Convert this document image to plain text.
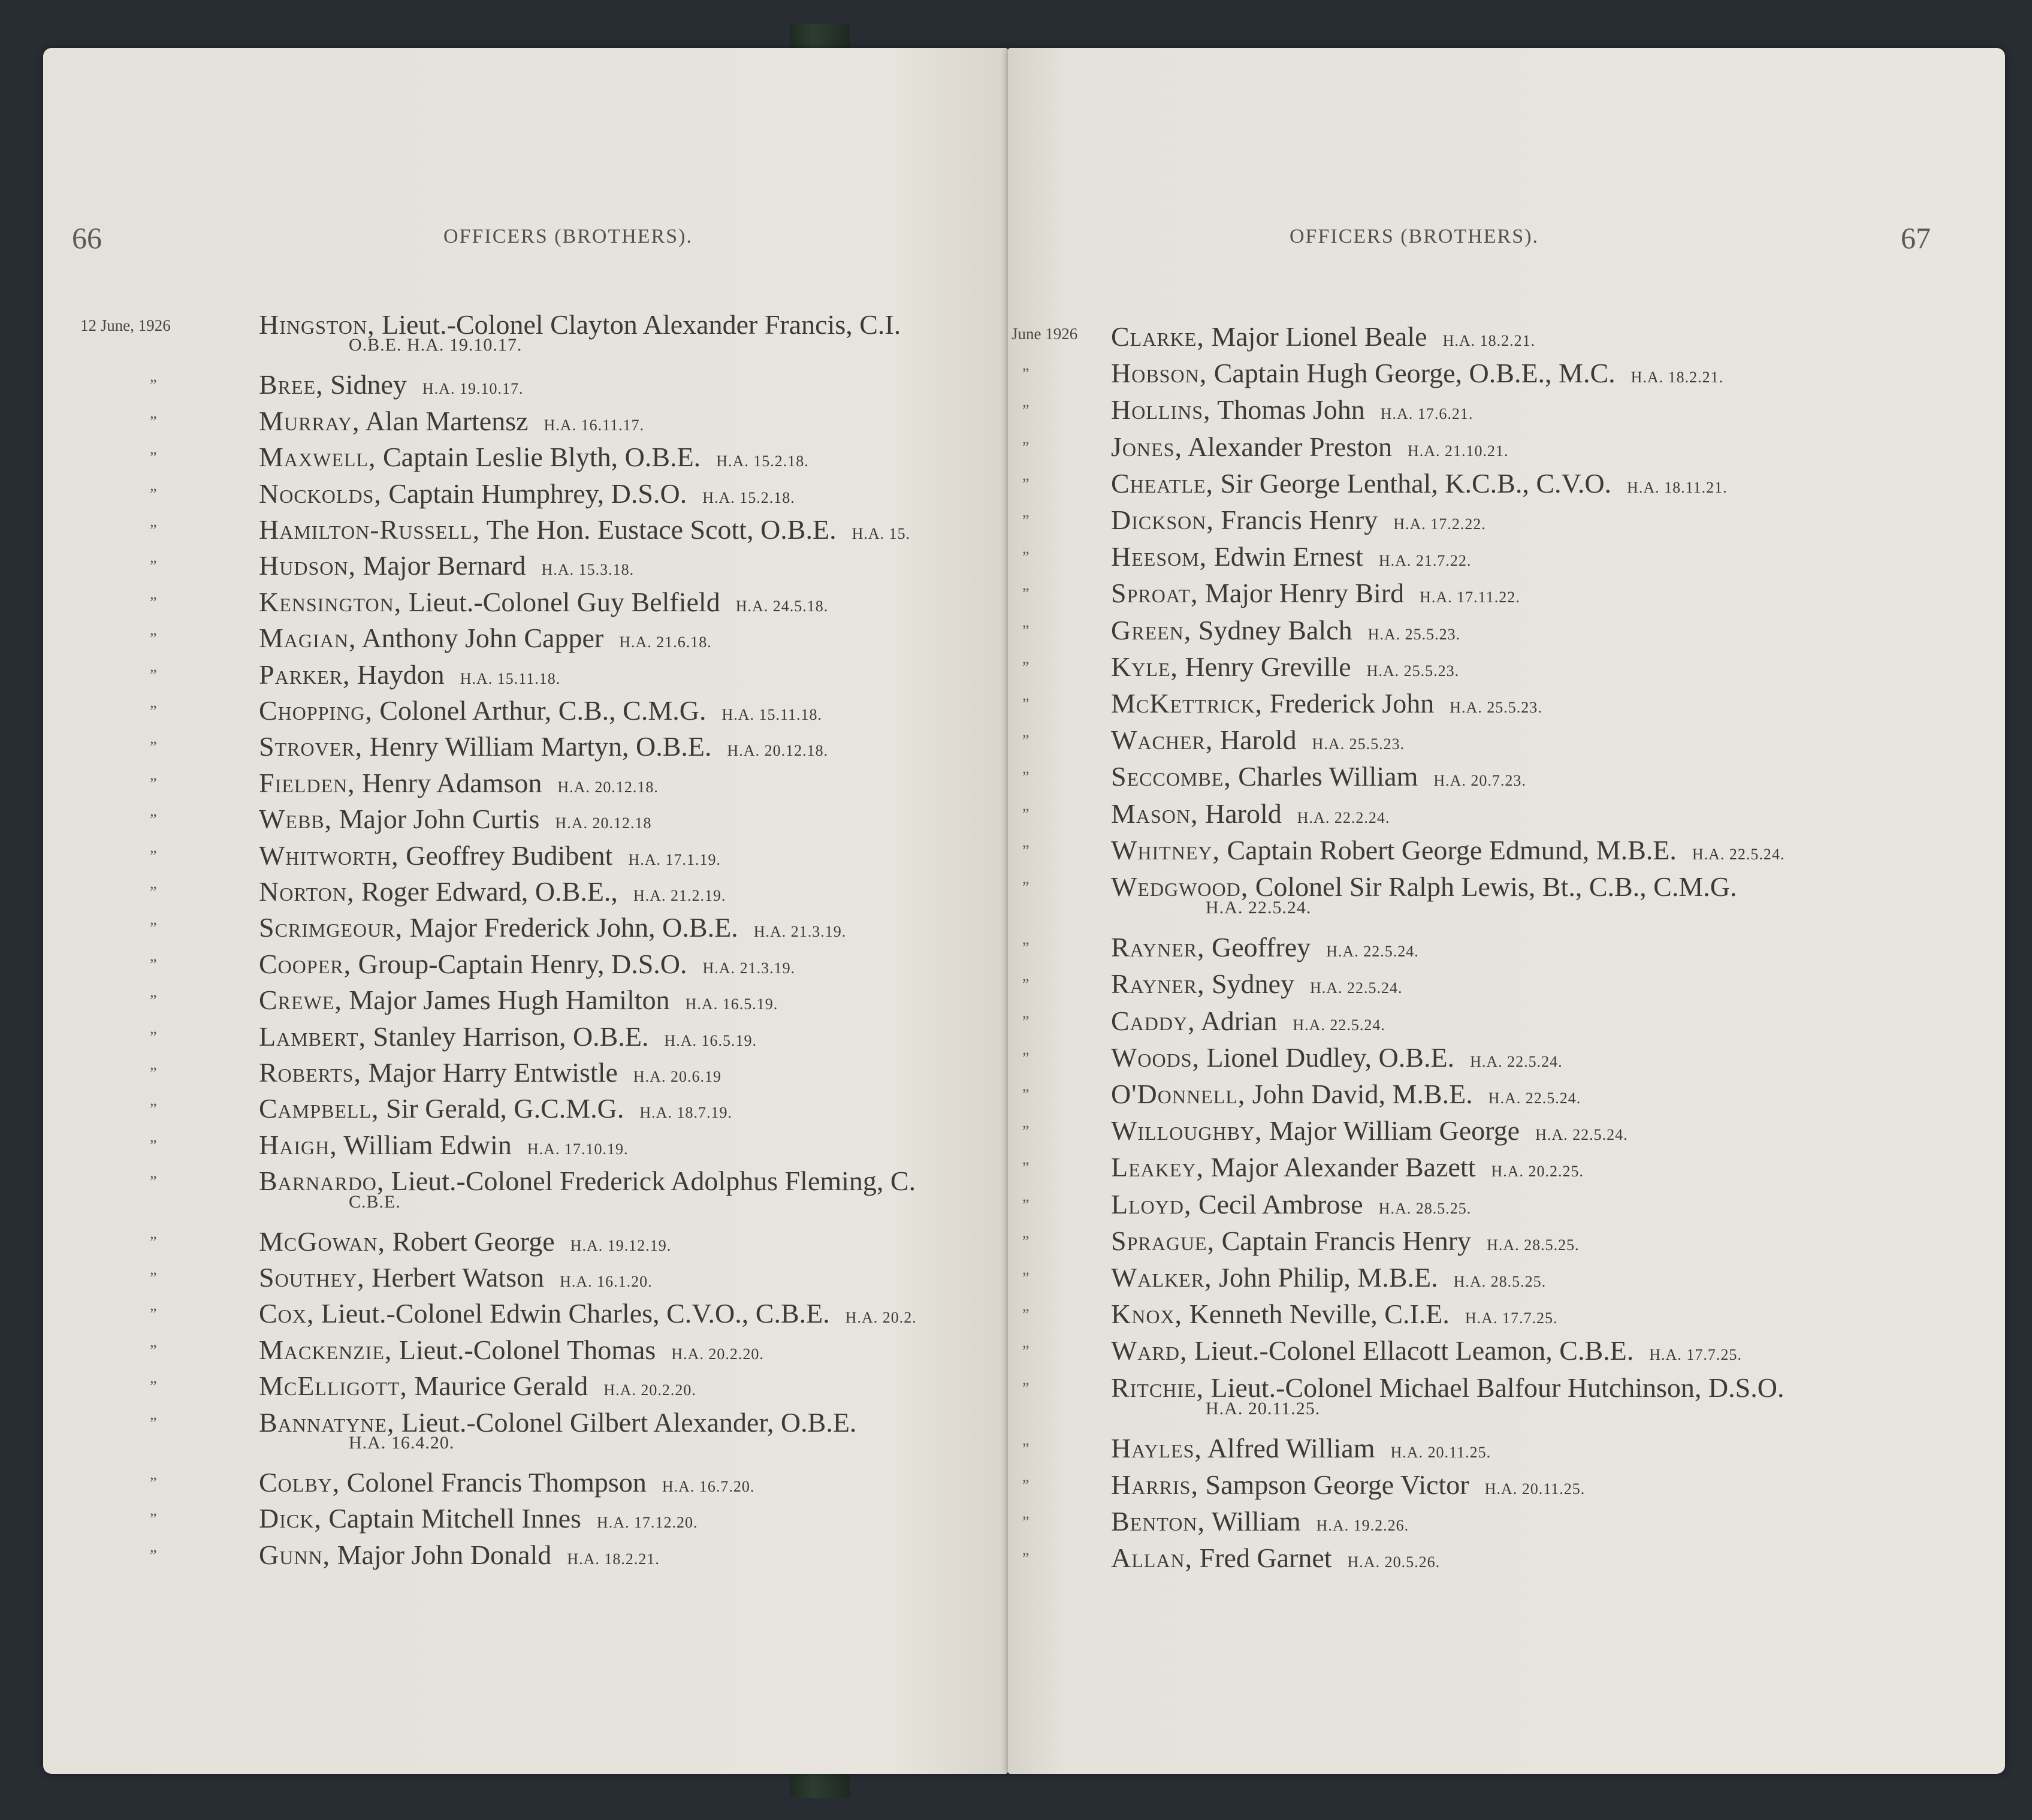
66	OFFICERS (BROTHERS).
12 June, 1926	Hingston, Lieut.-Colonel Clayton Alexander Francis, C.I.
O.B.E. H.A. 19.10.17.
Bree, Sidney H.A. 19.10.17.
”
Murray, Alan Martensz H.A. 16.11.17.
”
Maxwell, Captain Leslie Blyth, O.B.E. H.A. 15.2.18.
”
Nockolds, Captain Humphrey, D.S.O. H.A. 15.2.18.
”
Hamilton-Russell, The Hon. Eustace Scott, O.B.E. H.A. 15.
”
Hudson, Major Bernard H.A. 15.3.18.
”
Kensington, Lieut.-Colonel Guy Belfield H.A. 24.5.18.
”
Magian, Anthony John Capper H.A. 21.6.18.
”
Parker, Haydon H.A. 15.11.18.
”
Chopping, Colonel Arthur, C.B., C.M.G. H.A. 15.11.18.
”
Strover, Henry William Martyn, O.B.E. H.A. 20.12.18.
”
Fielden, Henry Adamson H.A. 20.12.18.
”
Webb, Major John Curtis H.A. 20.12.18
”
Whitworth, Geoffrey Budibent H.A. 17.1.19.
”
Norton, Roger Edward, O.B.E., H.A. 21.2.19.
”
Scrimgeour, Major Frederick John, O.B.E. H.A. 21.3.19.
”
Cooper, Group-Captain Henry, D.S.O. H.A. 21.3.19.
”
Crewe, Major James Hugh Hamilton H.A. 16.5.19.
”
Lambert, Stanley Harrison, O.B.E. H.A. 16.5.19.
”
Roberts, Major Harry Entwistle H.A. 20.6.19
”
Campbell, Sir Gerald, G.C.M.G. H.A. 18.7.19.
”
Haigh, William Edwin H.A. 17.10.19.
”
Barnardo, Lieut.-Colonel Frederick Adolphus Fleming, C.
”
C.B.E.
McGowan, Robert George H.A. 19.12.19.
”
Southey, Herbert Watson H.A. 16.1.20.
”
Cox, Lieut.-Colonel Edwin Charles, C.V.O., C.B.E. H.A. 20.2.
”
Mackenzie, Lieut.-Colonel Thomas H.A. 20.2.20.
”
McElligott, Maurice Gerald H.A. 20.2.20.
”
Bannatyne, Lieut.-Colonel Gilbert Alexander, O.B.E.
”
H.A. 16.4.20.
Colby, Colonel Francis Thompson H.A. 16.7.20.
”
Dick, Captain Mitchell Innes H.A. 17.12.20.
”
Gunn, Major John Donald H.A. 18.2.21.
”
67
OFFICERS (BROTHERS).
June 1926 Clarke, Major Lionel Beale H.A. 18.2.21.
Hobson, Captain Hugh George, O.B.E., M.C. H.A. 18.2.21.
”
Hollins, Thomas John H.A. 17.6.21.
”
Jones, Alexander Preston H.A. 21.10.21.
”
Cheatle, Sir George Lenthal, K.C.B., C.V.O. H.A. 18.11.21.
”
Dickson, Francis Henry H.A. 17.2.22.
”
Heesom, Edwin Ernest H.A. 21.7.22.
”
Sproat, Major Henry Bird H.A. 17.11.22.
”
Green, Sydney Balch H.A. 25.5.23.
”
Kyle, Henry Greville H.A. 25.5.23.
”
McKettrick, Frederick John H.A. 25.5.23.
”
Wacher, Harold H.A. 25.5.23.
”
Seccombe, Charles William H.A. 20.7.23.
”
Mason, Harold H.A. 22.2.24.
”
Whitney, Captain Robert George Edmund, M.B.E. H.A. 22.5.24.
”
Wedgwood, Colonel Sir Ralph Lewis, Bt., C.B., C.M.G.
”
H.A. 22.5.24.
Rayner, Geoffrey H.A. 22.5.24.
”
Rayner, Sydney H.A. 22.5.24.
”
Caddy, Adrian H.A. 22.5.24.
”
Woods, Lionel Dudley, O.B.E. H.A. 22.5.24.
”
O'Donnell, John David, M.B.E. H.A. 22.5.24.
”
Willoughby, Major William George H.A. 22.5.24.
”
Leakey, Major Alexander Bazett H.A. 20.2.25.
”
Lloyd, Cecil Ambrose H.A. 28.5.25.
”
Sprague, Captain Francis Henry H.A. 28.5.25.
”
Walker, John Philip, M.B.E. H.A. 28.5.25.
”
Knox, Kenneth Neville, C.I.E. H.A. 17.7.25.
”
Ward, Lieut.-Colonel Ellacott Leamon, C.B.E. H.A. 17.7.25.
”
Ritchie, Lieut.-Colonel Michael Balfour Hutchinson, D.S.O.
”
H.A. 20.11.25.
Hayles, Alfred William H.A. 20.11.25.
”
Harris, Sampson George Victor H.A. 20.11.25.
”
Benton, William H.A. 19.2.26.
”
Allan, Fred Garnet H.A. 20.5.26.
”
